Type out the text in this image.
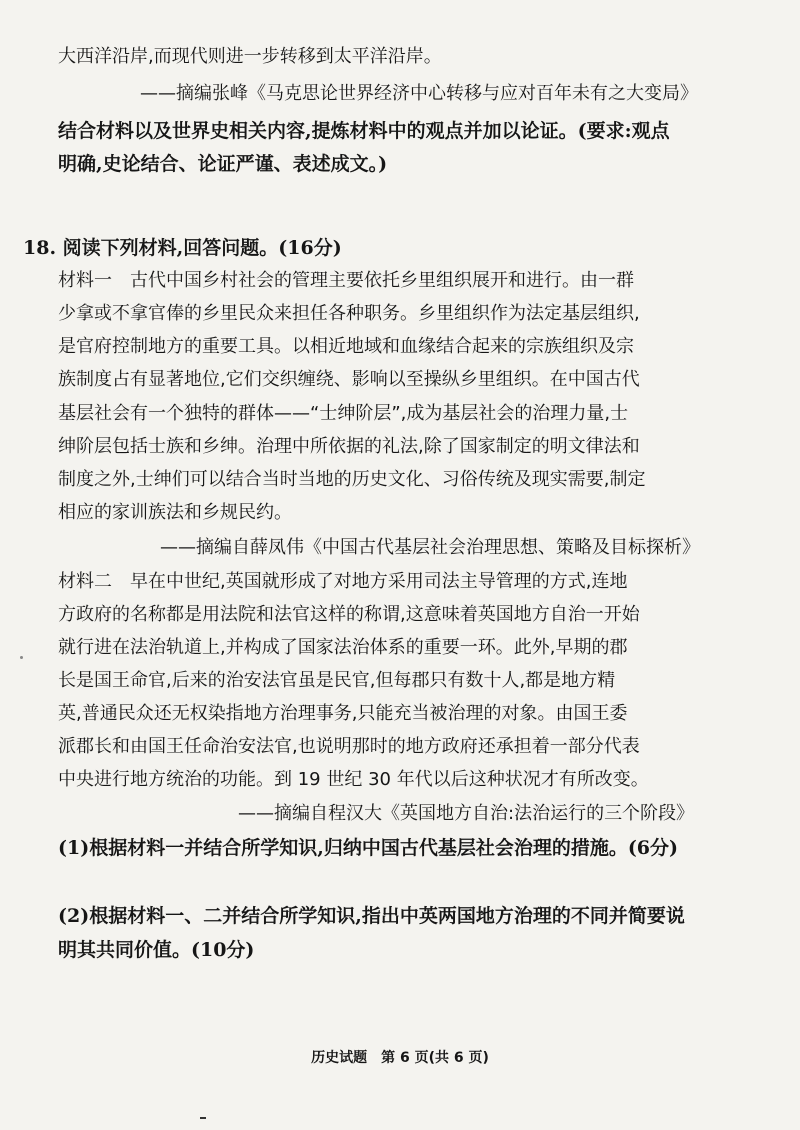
大西洋沿岸,而现代则进一步转移到太平洋沿岸。
——摘编张峰《马克思论世界经济中心转移与应对百年未有之大变局》
结合材料以及世界史相关内容,提炼材料中的观点并加以论证。(要求:观点
明确,史论结合、论证严谨、表述成文。)
18. 阅读下列材料,回答问题。(16分)
材料一　古代中国乡村社会的管理主要依托乡里组织展开和进行。由一群
少拿或不拿官俸的乡里民众来担任各种职务。乡里组织作为法定基层组织,
是官府控制地方的重要工具。以相近地域和血缘结合起来的宗族组织及宗
族制度占有显著地位,它们交织缠绕、影响以至操纵乡里组织。在中国古代
基层社会有一个独特的群体——“士绅阶层”,成为基层社会的治理力量,士
绅阶层包括士族和乡绅。治理中所依据的礼法,除了国家制定的明文律法和
制度之外,士绅们可以结合当时当地的历史文化、习俗传统及现实需要,制定
相应的家训族法和乡规民约。
——摘编自薛凤伟《中国古代基层社会治理思想、策略及目标探析》
材料二　早在中世纪,英国就形成了对地方采用司法主导管理的方式,连地
方政府的名称都是用法院和法官这样的称谓,这意味着英国地方自治一开始
就行进在法治轨道上,并构成了国家法治体系的重要一环。此外,早期的郡
长是国王命官,后来的治安法官虽是民官,但每郡只有数十人,都是地方精
英,普通民众还无权染指地方治理事务,只能充当被治理的对象。由国王委
派郡长和由国王任命治安法官,也说明那时的地方政府还承担着一部分代表
中央进行地方统治的功能。到 19 世纪 30 年代以后这种状况才有所改变。
——摘编自程汉大《英国地方自治:法治运行的三个阶段》
(1)根据材料一并结合所学知识,归纳中国古代基层社会治理的措施。(6分)
(2)根据材料一、二并结合所学知识,指出中英两国地方治理的不同并简要说
明其共同价值。(10分)
历史试题　第 6 页(共 6 页)
